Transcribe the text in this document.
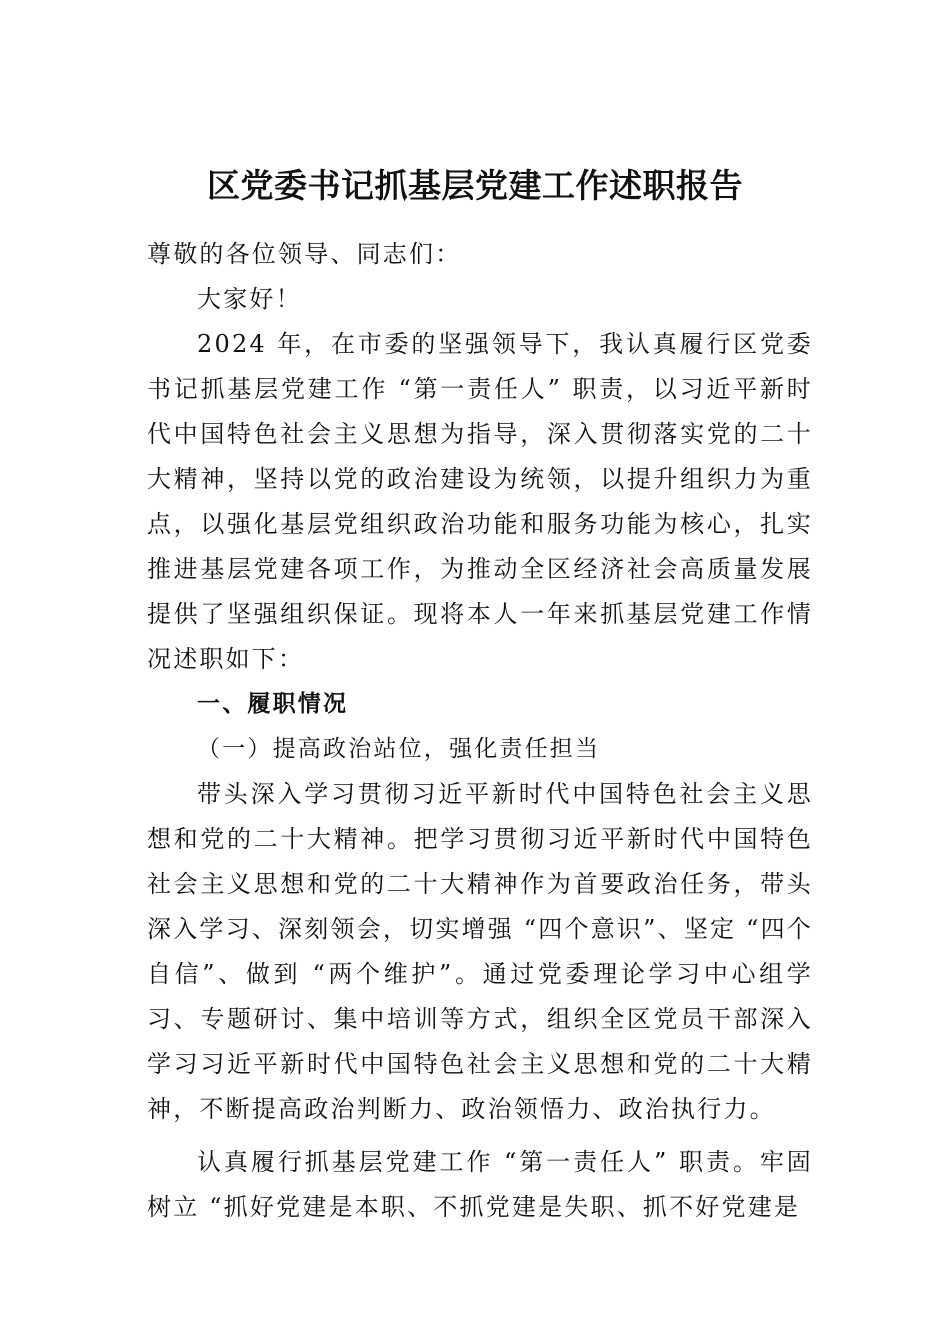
区党委书记抓基层党建工作述职报告

尊敬的各位领导、同志们：

大家好！

2024 年，在市委的坚强领导下，我认真履行区党委书记抓基层党建工作 “第一责任人” 职责，以习近平新时代中国特色社会主义思想为指导，深入贯彻落实党的二十大精神，坚持以党的政治建设为统领，以提升组织力为重点，以强化基层党组织政治功能和服务功能为核心，扎实推进基层党建各项工作，为推动全区经济社会高质量发展提供了坚强组织保证。现将本人一年来抓基层党建工作情况述职如下：

一、履职情况

（一）提高政治站位，强化责任担当

带头深入学习贯彻习近平新时代中国特色社会主义思想和党的二十大精神。把学习贯彻习近平新时代中国特色社会主义思想和党的二十大精神作为首要政治任务，带头深入学习、深刻领会，切实增强 “四个意识”、坚定 “四个自信”、做到 “两个维护”。通过党委理论学习中心组学习、专题研讨、集中培训等方式，组织全区党员干部深入学习习近平新时代中国特色社会主义思想和党的二十大精神，不断提高政治判断力、政治领悟力、政治执行力。

认真履行抓基层党建工作 “第一责任人” 职责。牢固树立 “抓好党建是本职、不抓党建是失职、抓不好党建是
